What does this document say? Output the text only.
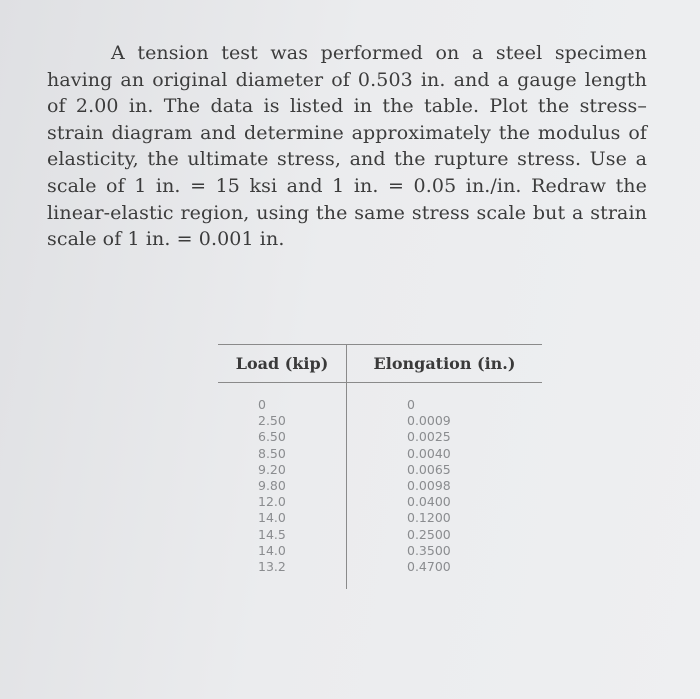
A tension test was performed on a steel specimen having an original diameter of 0.503 in. and a gauge length of 2.00 in. The data is listed in the table. Plot the stress–strain diagram and determine approximately the modulus of elasticity, the ultimate stress, and the rupture stress. Use a scale of 1 in. = 15 ksi and 1 in. = 0.05 in./in. Redraw the linear-elastic region, using the same stress scale but a strain scale of 1 in. = 0.001 in.

Load (kip)	Elongation (in.)
0	0
2.50	0.0009
6.50	0.0025
8.50	0.0040
9.20	0.0065
9.80	0.0098
12.0	0.0400
14.0	0.1200
14.5	0.2500
14.0	0.3500
13.2	0.4700
